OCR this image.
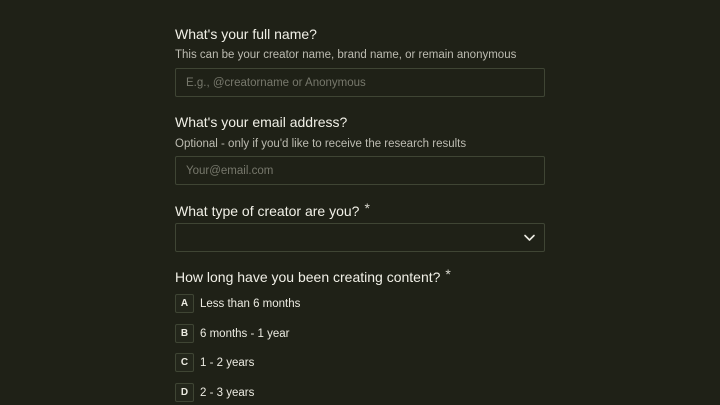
What's your full name?
This can be your creator name, brand name, or remain anonymous
E.g., @creatorname or Anonymous
What's your email address?
Optional - only if you'd like to receive the research results
Your@email.com
What type of creator are you? *
How long have you been creating content? *
A	Less than 6 months
B	6 months - 1 year
C	1 - 2 years
D	2 - 3 years
